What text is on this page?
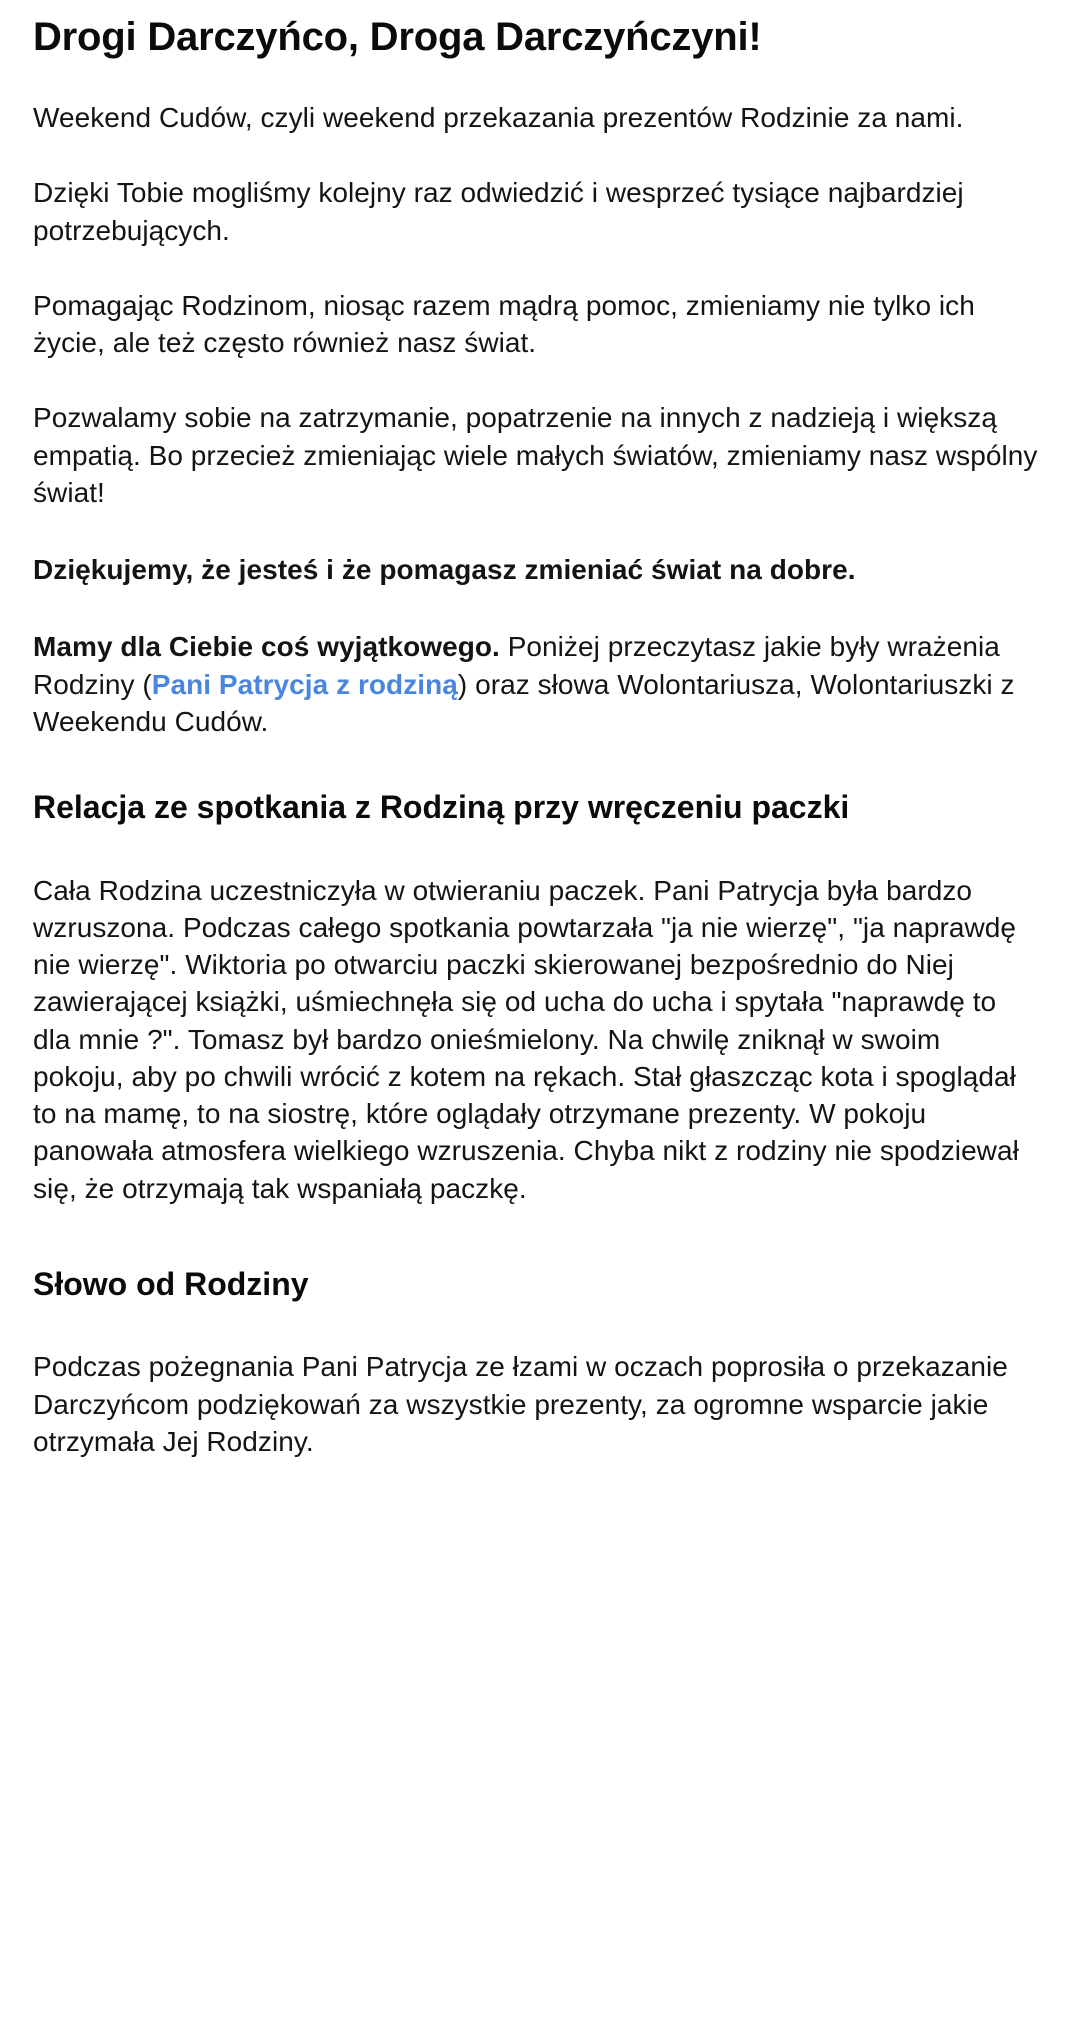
Drogi Darczyńco, Droga Darczyńczyni!

Weekend Cudów, czyli weekend przekazania prezentów Rodzinie za nami.

Dzięki Tobie mogliśmy kolejny raz odwiedzić i wesprzeć tysiące najbardziej potrzebujących.

Pomagając Rodzinom, niosąc razem mądrą pomoc, zmieniamy nie tylko ich życie, ale też często również nasz świat.

Pozwalamy sobie na zatrzymanie, popatrzenie na innych z nadzieją i większą empatią. Bo przecież zmieniając wiele małych światów, zmieniamy nasz wspólny świat!

Dziękujemy, że jesteś i że pomagasz zmieniać świat na dobre.

Mamy dla Ciebie coś wyjątkowego. Poniżej przeczytasz jakie były wrażenia Rodziny (Pani Patrycja z rodziną) oraz słowa Wolontariusza, Wolontariuszki z Weekendu Cudów.

Relacja ze spotkania z Rodziną przy wręczeniu paczki

Cała Rodzina uczestniczyła w otwieraniu paczek. Pani Patrycja była bardzo wzruszona. Podczas całego spotkania powtarzała "ja nie wierzę", "ja naprawdę nie wierzę". Wiktoria po otwarciu paczki skierowanej bezpośrednio do Niej zawierającej książki, uśmiechnęła się od ucha do ucha i spytała "naprawdę to dla mnie ?". Tomasz był bardzo onieśmielony. Na chwilę zniknął w swoim pokoju, aby po chwili wrócić z kotem na rękach. Stał głaszcząc kota i spoglądał to na mamę, to na siostrę, które oglądały otrzymane prezenty. W pokoju panowała atmosfera wielkiego wzruszenia. Chyba nikt z rodziny nie spodziewał się, że otrzymają tak wspaniałą paczkę.

Słowo od Rodziny

Podczas pożegnania Pani Patrycja ze łzami w oczach poprosiła o przekazanie Darczyńcom podziękowań za wszystkie prezenty, za ogromne wsparcie jakie otrzymała Jej Rodziny.
